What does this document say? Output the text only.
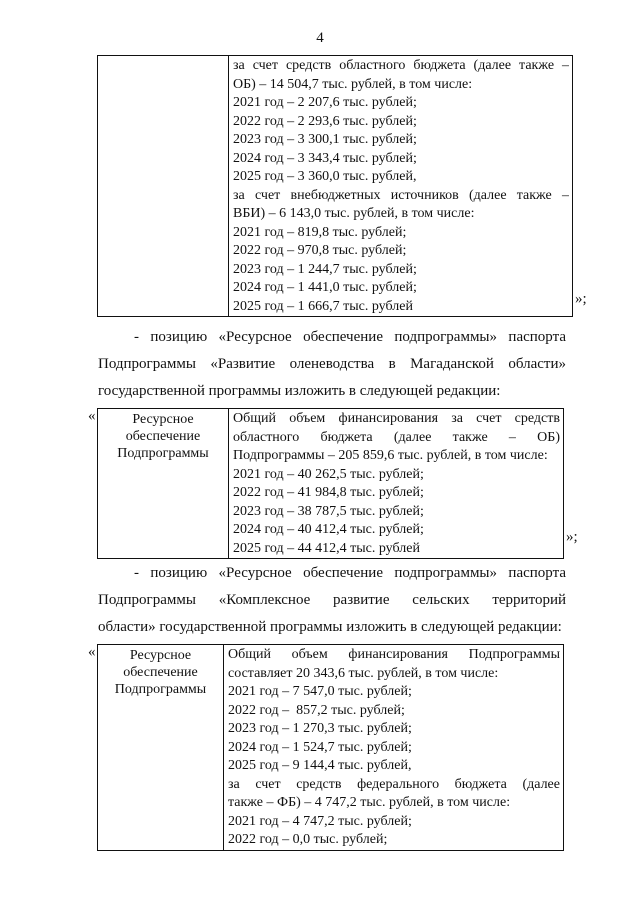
4

за счет средств областного бюджета (далее также –
ОБ) – 14 504,7 тыс. рублей, в том числе:
2021 год – 2 207,6 тыс. рублей;
2022 год – 2 293,6 тыс. рублей;
2023 год – 3 300,1 тыс. рублей;
2024 год – 3 343,4 тыс. рублей;
2025 год – 3 360,0 тыс. рублей,
за счет внебюджетных источников (далее также –
ВБИ) – 6 143,0 тыс. рублей, в том числе:
2021 год – 819,8 тыс. рублей;
2022 год – 970,8 тыс. рублей;
2023 год – 1 244,7 тыс. рублей;
2024 год – 1 441,0 тыс. рублей;
2025 год – 1 666,7 тыс. рублей	»;
- позицию «Ресурсное обеспечение подпрограммы» паспорта
Подпрограммы «Развитие оленеводства в Магаданской области»
государственной программы изложить в следующей редакции:
«	Ресурсное
обеспечение
Подпрограммы

Общий объем финансирования за счет средств
областного бюджета (далее также – ОБ)
Подпрограммы – 205 859,6 тыс. рублей, в том числе:
2021 год – 40 262,5 тыс. рублей;
2022 год – 41 984,8 тыс. рублей;
2023 год – 38 787,5 тыс. рублей;
2024 год – 40 412,4 тыс. рублей;
2025 год – 44 412,4 тыс. рублей
»;
- позицию «Ресурсное обеспечение подпрограммы» паспорта
Подпрограммы «Комплексное развитие сельских территорий
области» государственной программы изложить в следующей редакции:
«	Ресурсное
обеспечение
Подпрограммы

Общий объем финансирования Подпрограммы
составляет 20 343,6 тыс. рублей, в том числе:
2021 год – 7 547,0 тыс. рублей;
2022 год –  857,2 тыс. рублей;
2023 год – 1 270,3 тыс. рублей;
2024 год – 1 524,7 тыс. рублей;
2025 год – 9 144,4 тыс. рублей,
за счет средств федерального бюджета (далее
также – ФБ) – 4 747,2 тыс. рублей, в том числе:
2021 год – 4 747,2 тыс. рублей;
2022 год – 0,0 тыс. рублей;
